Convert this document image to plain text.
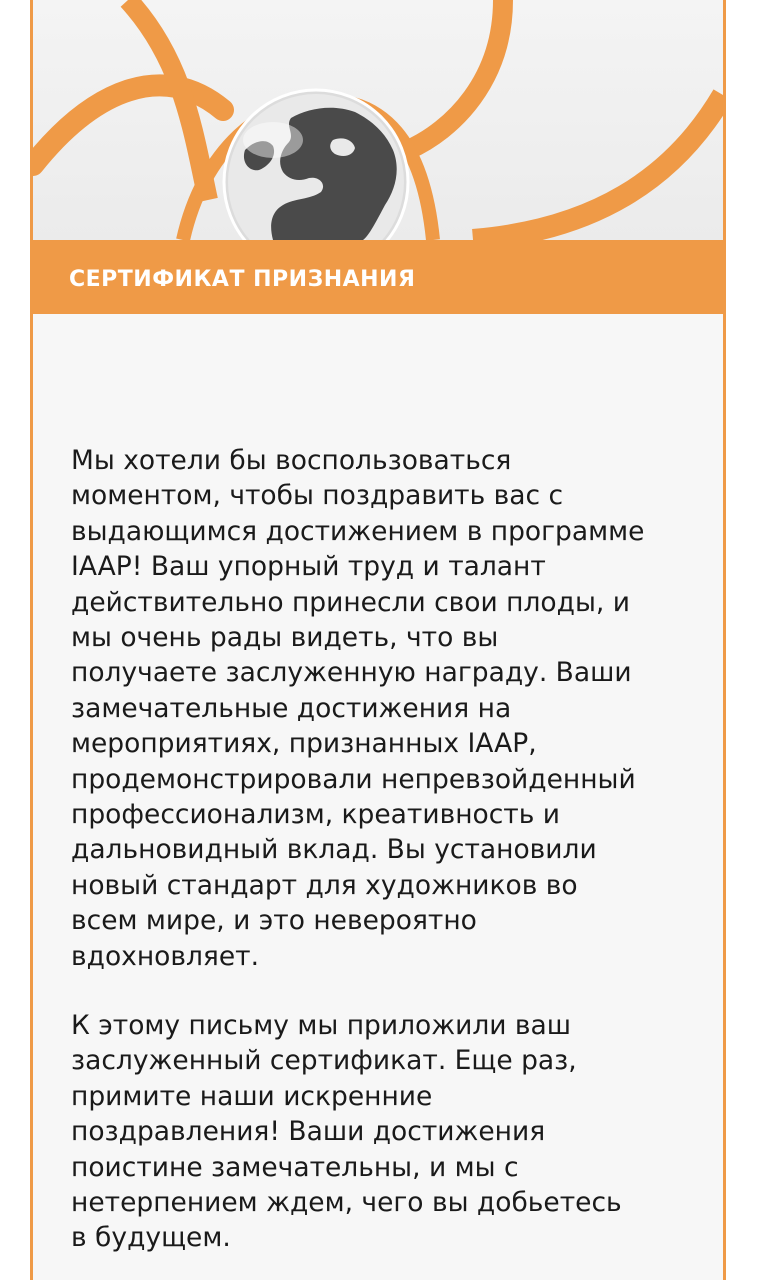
СЕРТИФИКАТ ПРИЗНАНИЯ
Мы хотели бы воспользоваться
моментом, чтобы поздравить вас с
выдающимся достижением в программе
IAAP! Ваш упорный труд и талант
действительно принесли свои плоды, и
мы очень рады видеть, что вы
получаете заслуженную награду. Ваши
замечательные достижения на
мероприятиях, признанных IAAP,
продемонстрировали непревзойденный
профессионализм, креативность и
дальновидный вклад. Вы установили
новый стандарт для художников во
всем мире, и это невероятно
вдохновляет.
К этому письму мы приложили ваш
заслуженный сертификат. Еще раз,
примите наши искренние
поздравления! Ваши достижения
поистине замечательны, и мы с
нетерпением ждем, чего вы добьетесь
в будущем.
